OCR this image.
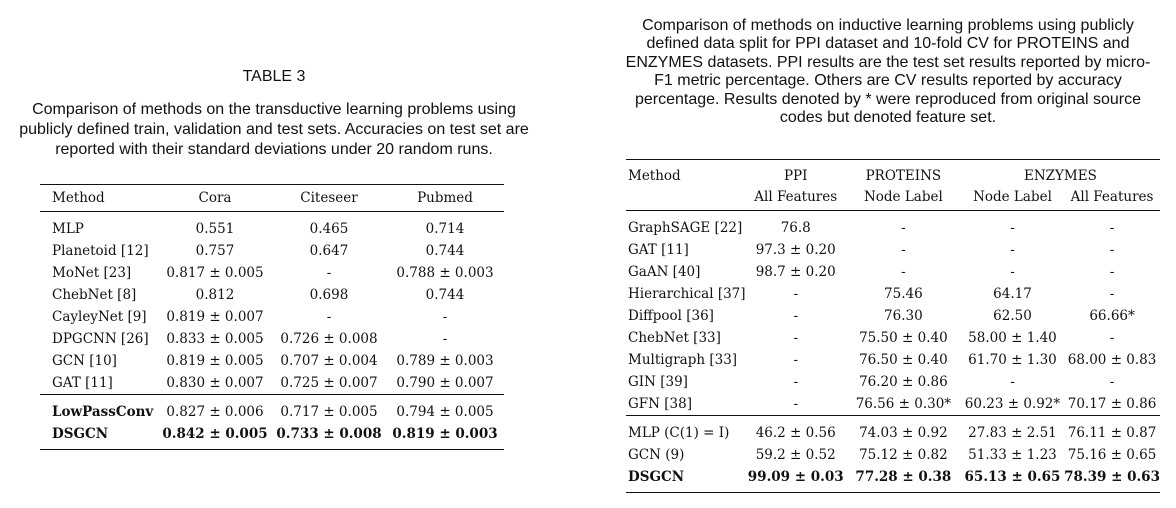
TABLE 3
Comparison of methods on the transductive learning problems using publicly defined train, validation and test sets. Accuracies on test set are reported with their standard deviations under 20 random runs.
Method	Cora	Citeseer	Pubmed
MLP	0.551	0.465	0.714
Planetoid [12]	0.757	0.647	0.744
MoNet [23]	0.817 ± 0.005	-	0.788 ± 0.003
ChebNet [8]	0.812	0.698	0.744
CayleyNet [9]	0.819 ± 0.007	-	-
DPGCNN [26]	0.833 ± 0.005	0.726 ± 0.008	-
GCN [10]	0.819 ± 0.005	0.707 ± 0.004	0.789 ± 0.003
GAT [11]	0.830 ± 0.007	0.725 ± 0.007	0.790 ± 0.007
LowPassConv	0.827 ± 0.006	0.717 ± 0.005	0.794 ± 0.005
DSGCN	0.842 ± 0.005	0.733 ± 0.008	0.819 ± 0.003
Comparison of methods on inductive learning problems using publicly defined data split for PPI dataset and 10-fold CV for PROTEINS and ENZYMES datasets. PPI results are the test set results reported by micro-F1 metric percentage. Others are CV results reported by accuracy percentage. Results denoted by * were reproduced from original source codes but denoted feature set.
Method	PPI	PROTEINS	ENZYMES	
	All Features	Node Label	Node Label	All Features
GraphSAGE [22]	76.8	-	-	-
GAT [11]	97.3 ± 0.20	-	-	-
GaAN [40]	98.7 ± 0.20	-	-	-
Hierarchical [37]	-	75.46	64.17	-
Diffpool [36]	-	76.30	62.50	66.66*
ChebNet [33]	-	75.50 ± 0.40	58.00 ± 1.40	-
Multigraph [33]	-	76.50 ± 0.40	61.70 ± 1.30	68.00 ± 0.83
GIN [39]	-	76.20 ± 0.86	-	-
GFN [38]	-	76.56 ± 0.30*	60.23 ± 0.92*	70.17 ± 0.86
MLP (C(1) = I)	46.2 ± 0.56	74.03 ± 0.92	27.83 ± 2.51	76.11 ± 0.87
GCN (9)	59.2 ± 0.52	75.12 ± 0.82	51.33 ± 1.23	75.16 ± 0.65
DSGCN	99.09 ± 0.03	77.28 ± 0.38	65.13 ± 0.65	78.39 ± 0.63
